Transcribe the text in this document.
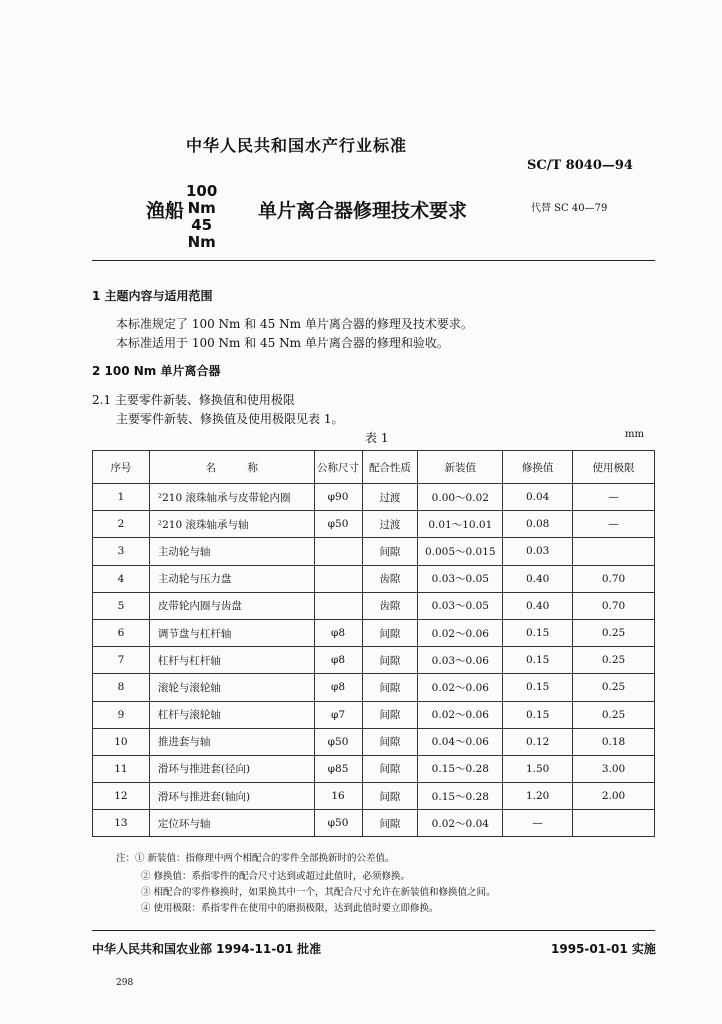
中华人民共和国水产行业标准
SC/T 8040—94
渔船
100 Nm
45 Nm
单片离合器修理技术要求	代替 SC 40—79
1 主题内容与适用范围
本标准规定了 100 Nm 和 45 Nm 单片离合器的修理及技术要求。
本标准适用于 100 Nm 和 45 Nm 单片离合器的修理和验收。
2 100 Nm 单片离合器
2.1 主要零件新装、修换值和使用极限
主要零件新装、修换值及使用极限见表 1。
表 1	mm
序号	名　　　称	公称尺寸	配合性质	新装值	修换值	使用极限
1	²210 滚珠轴承与皮带轮内圈	φ90	过渡	0.00～0.02	0.04	—
2	²210 滚珠轴承与轴	φ50	过渡	0.01～10.01	0.08	—
3	主动轮与轴		间隙	0.005～0.015	0.03	
4	主动轮与压力盘		齿隙	0.03～0.05	0.40	0.70
5	皮带轮内圈与齿盘		齿隙	0.03～0.05	0.40	0.70
6	调节盘与杠杆轴	φ8	间隙	0.02～0.06	0.15	0.25
7	杠杆与杠杆轴	φ8	间隙	0.03～0.06	0.15	0.25
8	滚轮与滚轮轴	φ8	间隙	0.02～0.06	0.15	0.25
9	杠杆与滚轮轴	φ7	间隙	0.02～0.06	0.15	0.25
10	推进套与轴	φ50	间隙	0.04～0.06	0.12	0.18
11	滑环与推进套(径向)	φ85	间隙	0.15～0.28	1.50	3.00
12	滑环与推进套(轴向)	16	间隙	0.15～0.28	1.20	2.00
13	定位环与轴	φ50	间隙	0.02～0.04	—	
注：① 新装值：指修理中两个相配合的零件全部换新时的公差值。
② 修换值：系指零件的配合尺寸达到或超过此值时，必须修换。
③ 相配合的零件修换时，如果换其中一个，其配合尺寸允许在新装值和修换值之间。
④ 使用极限：系指零件在使用中的磨损极限，达到此值时要立即修换。
中华人民共和国农业部 1994-11-01 批准	1995-01-01 实施
298
